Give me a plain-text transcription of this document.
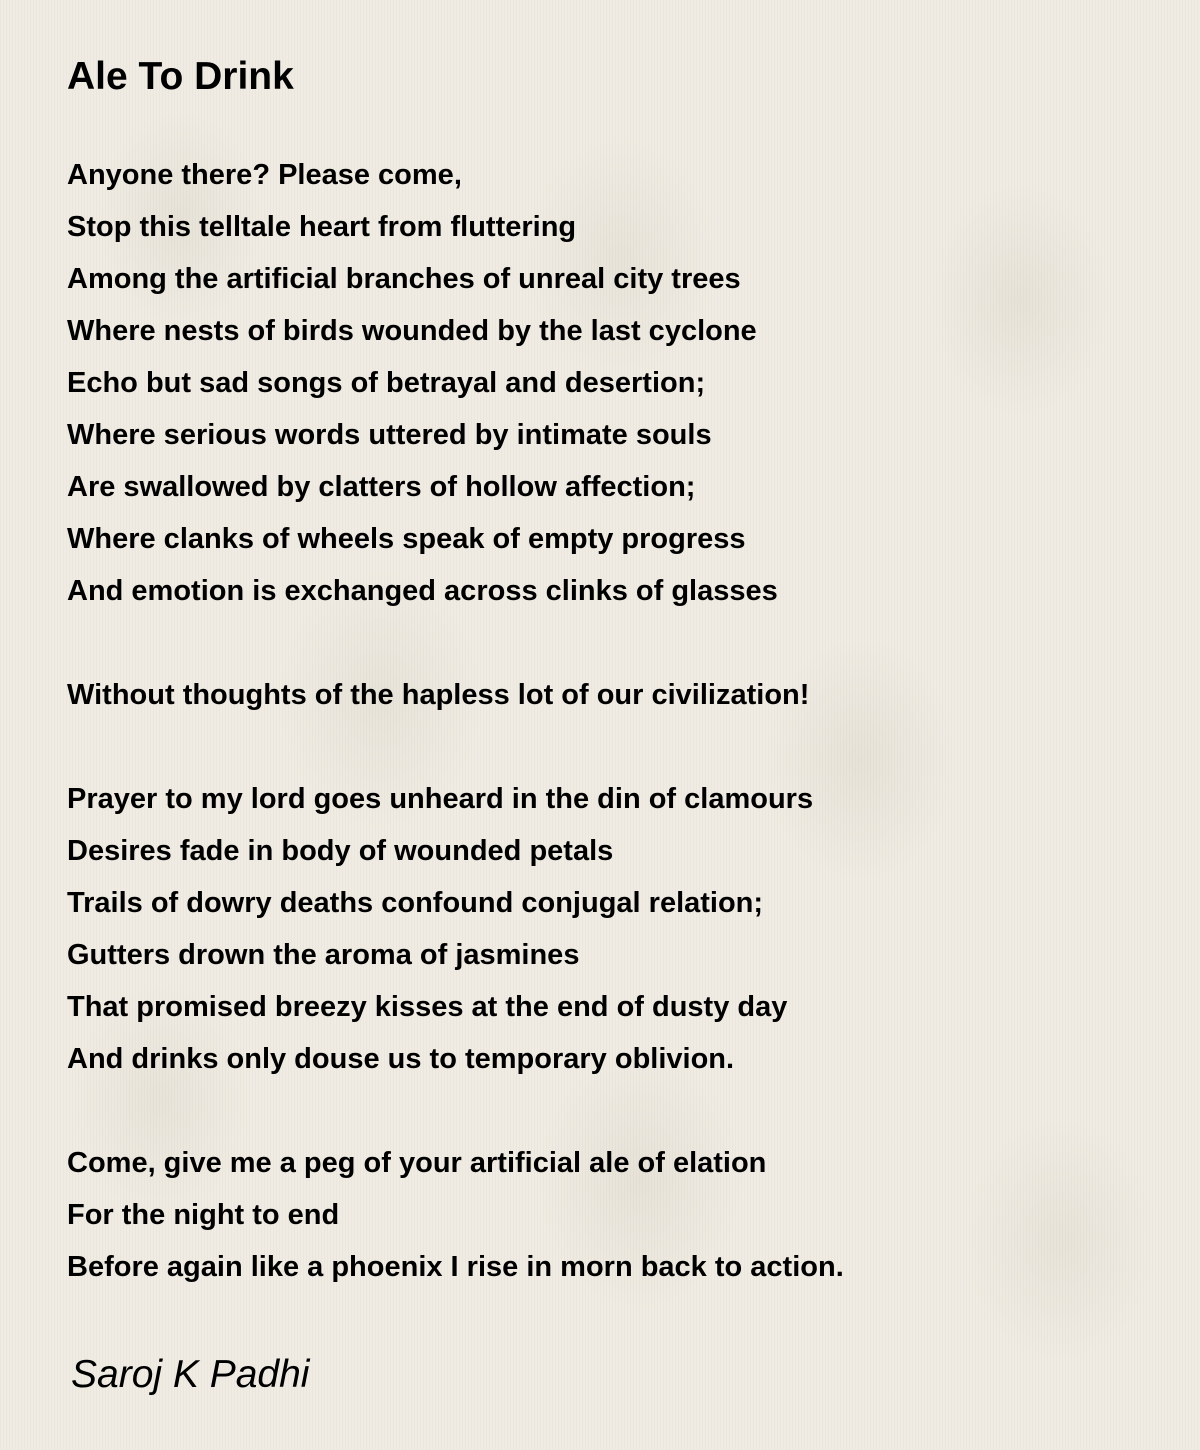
Ale To Drink
Anyone there? Please come,
Stop this telltale heart from fluttering
Among the artificial branches of unreal city trees
Where nests of birds wounded by the last cyclone
Echo but sad songs of betrayal and desertion;
Where serious words uttered by intimate souls
Are swallowed by clatters of hollow affection;
Where clanks of wheels speak of empty progress
And emotion is exchanged across clinks of glasses
Without thoughts of the hapless lot of our civilization!
Prayer to my lord goes unheard in the din of clamours
Desires fade in body of wounded petals
Trails of dowry deaths confound conjugal relation;
Gutters drown the aroma of jasmines
That promised breezy kisses at the end of dusty day
And drinks only douse us to temporary oblivion.
Come, give me a peg of your artificial ale of elation
For the night to end
Before again like a phoenix I rise in morn back to action.
Saroj K Padhi
